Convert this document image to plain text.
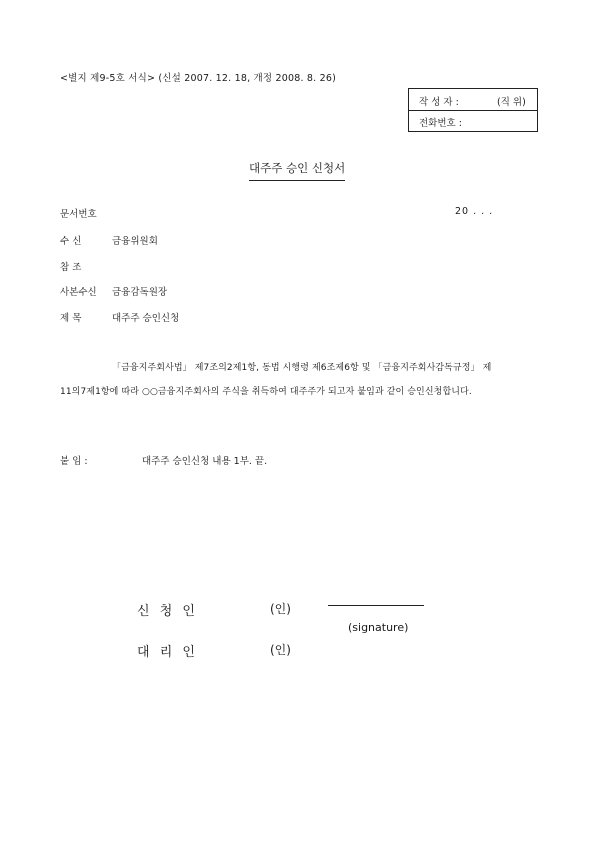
<별지 제9-5호 서식> (신설 2007. 12. 18, 개정 2008. 8. 26)
작 성 자 :	(직 위)
전화번호 :
대주주 승인 신청서
문서번호	20 . . .
수 신	금융위원회
참 조
사본수신 금융감독원장
제 목	대주주 승인신청
「금융지주회사법」 제7조의2제1항, 동법 시행령 제6조제6항 및 「금융지주회사감독규정」 제
11의7제1항에 따라 ○○금융지주회사의 주식을 취득하여 대주주가 되고자 붙임과 같이 승인신청합니다.
붙 임 :	대주주 승인신청 내용 1부. 끝.
신 청 인	(인)
(signature)
대 리 인	(인)
